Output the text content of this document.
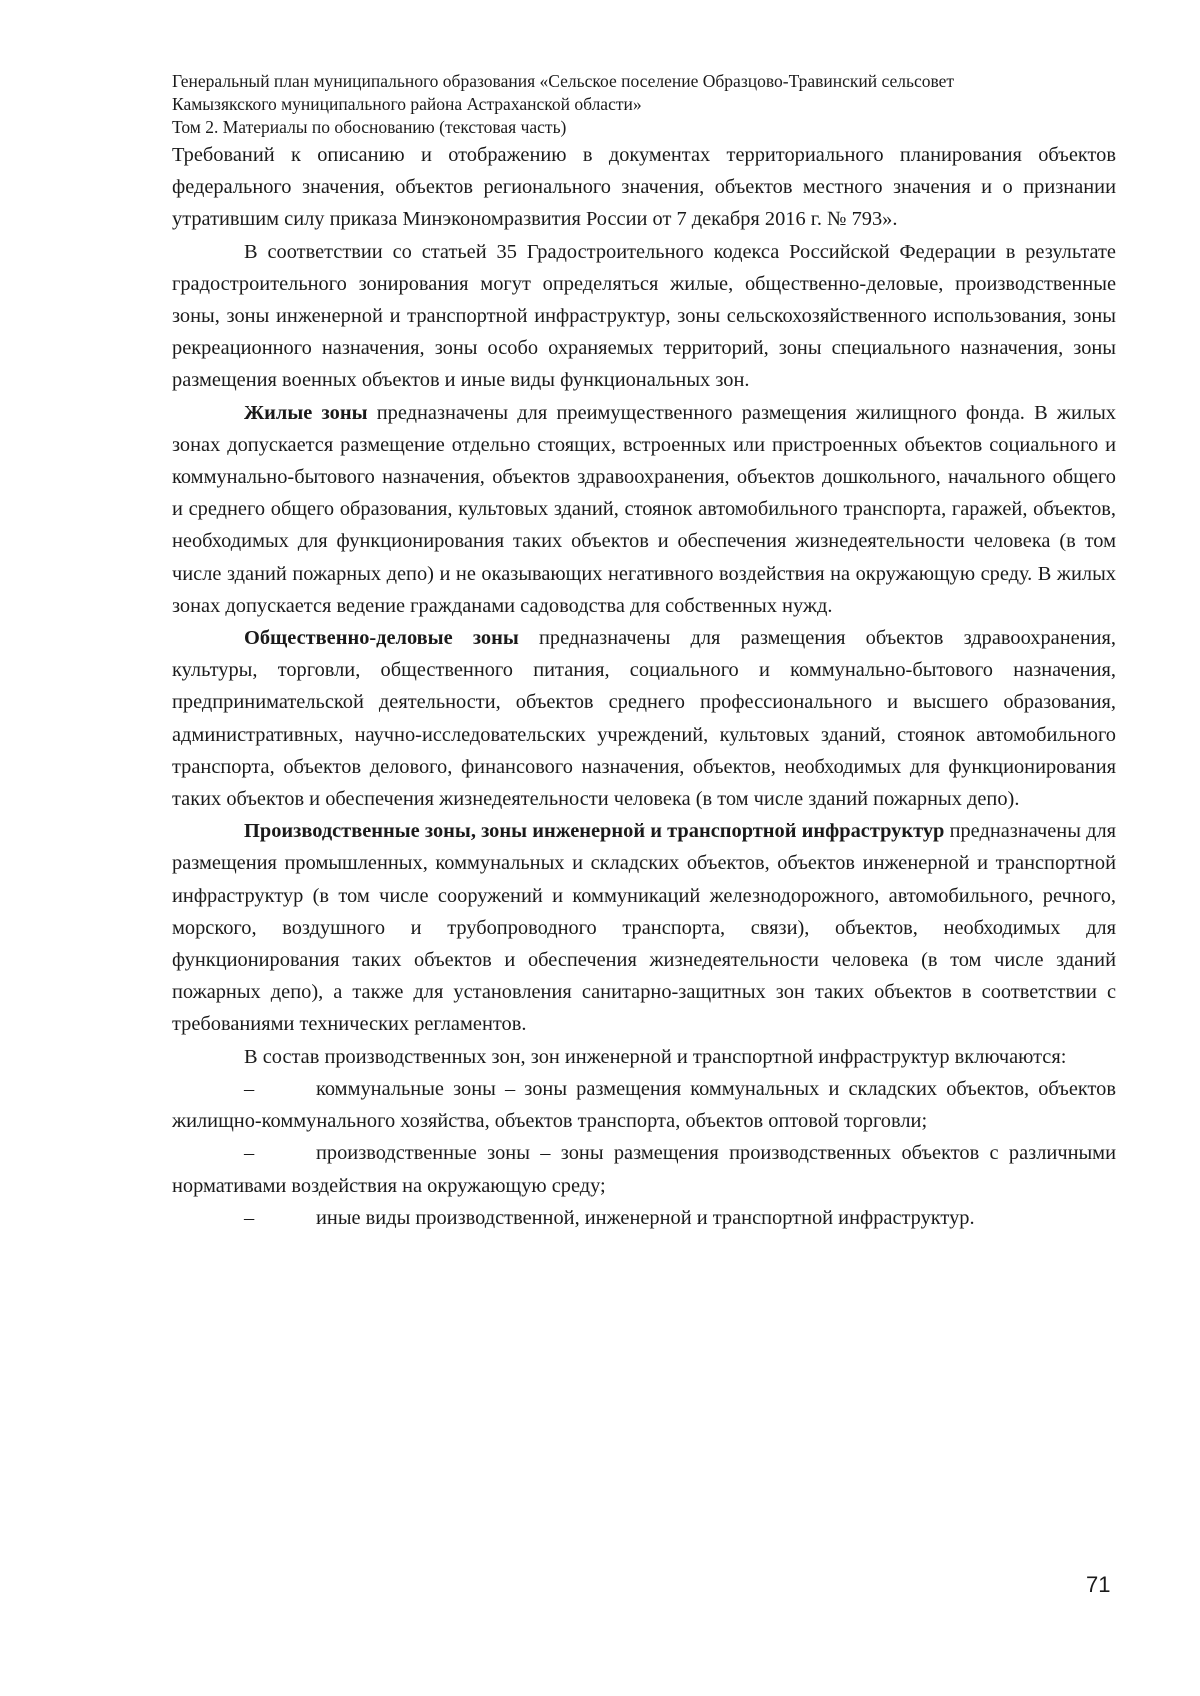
Генеральный план муниципального образования «Сельское поселение Образцово-Травинский сельсовет
Камызякского муниципального района Астраханской области»
Том 2. Материалы по обоснованию (текстовая часть)

Требований к описанию и отображению в документах территориального планирования объектов федерального значения, объектов регионального значения, объектов местного значения и о признании утратившим силу приказа Минэкономразвития России от 7 декабря 2016 г. № 793».

В соответствии со статьей 35 Градостроительного кодекса Российской Федерации в результате градостроительного зонирования могут определяться жилые, общественно-деловые, производственные зоны, зоны инженерной и транспортной инфраструктур, зоны сельскохозяйственного использования, зоны рекреационного назначения, зоны особо охраняемых территорий, зоны специального назначения, зоны размещения военных объектов и иные виды функциональных зон.

Жилые зоны предназначены для преимущественного размещения жилищного фонда. В жилых зонах допускается размещение отдельно стоящих, встроенных или пристроенных объектов социального и коммунально-бытового назначения, объектов здравоохранения, объектов дошкольного, начального общего и среднего общего образования, культовых зданий, стоянок автомобильного транспорта, гаражей, объектов, необходимых для функционирования таких объектов и обеспечения жизнедеятельности человека (в том числе зданий пожарных депо) и не оказывающих негативного воздействия на окружающую среду. В жилых зонах допускается ведение гражданами садоводства для собственных нужд.

Общественно-деловые зоны предназначены для размещения объектов здравоохранения, культуры, торговли, общественного питания, социального и коммунально-бытового назначения, предпринимательской деятельности, объектов среднего профессионального и высшего образования, административных, научно-исследовательских учреждений, культовых зданий, стоянок автомобильного транспорта, объектов делового, финансового назначения, объектов, необходимых для функционирования таких объектов и обеспечения жизнедеятельности человека (в том числе зданий пожарных депо).

Производственные зоны, зоны инженерной и транспортной инфраструктур предназначены для размещения промышленных, коммунальных и складских объектов, объектов инженерной и транспортной инфраструктур (в том числе сооружений и коммуникаций железнодорожного, автомобильного, речного, морского, воздушного и трубопроводного транспорта, связи), объектов, необходимых для функционирования таких объектов и обеспечения жизнедеятельности человека (в том числе зданий пожарных депо), а также для установления санитарно-защитных зон таких объектов в соответствии с требованиями технических регламентов.

В состав производственных зон, зон инженерной и транспортной инфраструктур включаются:

–	коммунальные зоны – зоны размещения коммунальных и складских объектов, объектов жилищно-коммунального хозяйства, объектов транспорта, объектов оптовой торговли;

–	производственные зоны – зоны размещения производственных объектов с различными нормативами воздействия на окружающую среду;

–	иные виды производственной, инженерной и транспортной инфраструктур.

71
